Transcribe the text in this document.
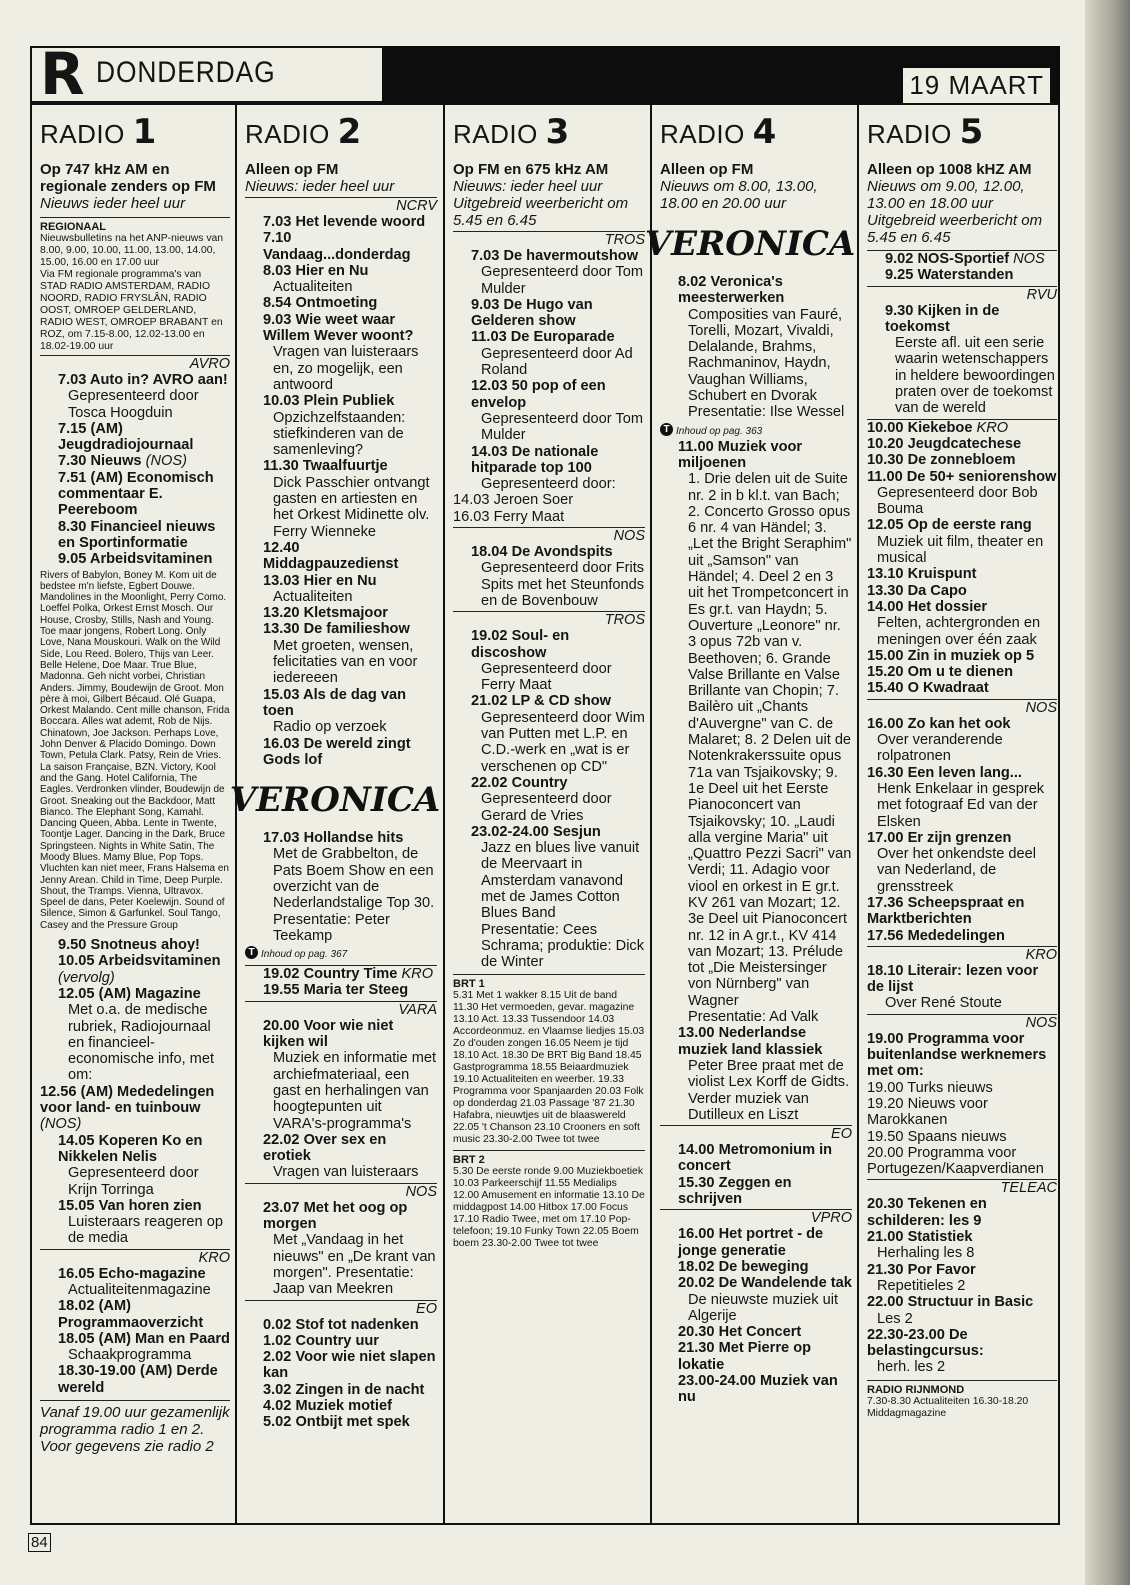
R DONDERDAG	19 MAART
RADIO 1
Op 747 kHz AM en regionale zenders op FM
Nieuws ieder heel uur
REGIONAAL
Nieuwsbulletins na het ANP-nieuws van 8.00, 9.00, 10.00, 11.00, 13.00, 14.00, 15.00, 16.00 en 17.00 uur
Via FM regionale programma's van STAD RADIO AMSTERDAM, RADIO NOORD, RADIO FRYSLÂN, RADIO OOST, OMROEP GELDERLAND, RADIO WEST, OMROEP BRABANT en ROZ, om 7.15-8.00, 12.02-13.00 en 18.02-19.00 uur
AVRO
7.03 Auto in? AVRO aan!
Gepresenteerd door Tosca Hoogduin
7.15 (AM) Jeugdradiojournaal
7.30 Nieuws (NOS)
7.51 (AM) Economisch commentaar E. Peereboom
8.30 Financieel nieuws en Sportinformatie
9.05 Arbeidsvitaminen
Rivers of Babylon, Boney M. Kom uit de bedstee m'n liefste, Egbert Douwe. Mandolines in the Moonlight, Perry Como. Loeffel Polka, Orkest Ernst Mosch. Our House, Crosby, Stills, Nash and Young. Toe maar jongens, Robert Long. Only Love, Nana Mouskouri. Walk on the Wild Side, Lou Reed. Bolero, Thijs van Leer. Belle Helene, Doe Maar. True Blue, Madonna. Geh nicht vorbei, Christian Anders. Jimmy, Boudewijn de Groot. Mon père à moi, Gilbert Bécaud. Olé Guapa, Orkest Malando. Cent mille chanson, Frida Boccara. Alles wat ademt, Rob de Nijs. Chinatown, Joe Jackson. Perhaps Love, John Denver & Placido Domingo. Down Town, Petula Clark. Patsy, Rein de Vries. La saison Française, BZN. Victory, Kool and the Gang. Hotel California, The Eagles. Verdronken vlinder, Boudewijn de Groot. Sneaking out the Backdoor, Matt Bianco. The Elephant Song, Kamahl. Dancing Queen, Abba. Lente in Twente, Toontje Lager. Dancing in the Dark, Bruce Springsteen. Nights in White Satin, The Moody Blues. Mamy Blue, Pop Tops. Vluchten kan niet meer, Frans Halsema en Jenny Arean. Child in Time, Deep Purple. Shout, the Tramps. Vienna, Ultravox. Speel de dans, Peter Koelewijn. Sound of Silence, Simon & Garfunkel. Soul Tango, Casey and the Pressure Group
9.50 Snotneus ahoy!
10.05 Arbeidsvitaminen
(vervolg)
12.05 (AM) Magazine
Met o.a. de medische rubriek, Radiojournaal en financieel-economische info, met om:
12.56 (AM) Mededelingen voor land- en tuinbouw (NOS)
14.05 Koperen Ko en Nikkelen Nelis
Gepresenteerd door Krijn Torringa
15.05 Van horen zien
Luisteraars reageren op de media
KRO
16.05 Echo-magazine
Actualiteitenmagazine
18.02 (AM) Programmaoverzicht
18.05 (AM) Man en Paard
Schaakprogramma
18.30-19.00 (AM) Derde wereld
Vanaf 19.00 uur gezamenlijk programma radio 1 en 2. Voor gegevens zie radio 2
RADIO 2
Alleen op FM
Nieuws: ieder heel uur
NCRV
7.03 Het levende woord
7.10 Vandaag...donderdag
8.03 Hier en Nu
Actualiteiten
8.54 Ontmoeting
9.03 Wie weet waar Willem Wever woont?
Vragen van luisteraars en, zo mogelijk, een antwoord
10.03 Plein Publiek
Opzichzelfstaanden: stiefkinderen van de samenleving?
11.30 Twaalfuurtje
Dick Passchier ontvangt gasten en artiesten en het Orkest Midinette olv. Ferry Wienneke
12.40 Middagpauzedienst
13.03 Hier en Nu
Actualiteiten
13.20 Kletsmajoor
13.30 De familieshow
Met groeten, wensen, felicitaties van en voor iedereeen
15.03 Als de dag van toen
Radio op verzoek
16.03 De wereld zingt Gods lof
VERONICA
17.03 Hollandse hits
Met de Grabbelton, de Pats Boem Show en een overzicht van de Nederlandstalige Top 30. Presentatie: Peter Teekamp
T Inhoud op pag. 367
19.02 Country Time KRO
19.55 Maria ter Steeg
VARA
20.00 Voor wie niet kijken wil
Muziek en informatie met archiefmateriaal, een gast en herhalingen van hoogtepunten uit VARA's-programma's
22.02 Over sex en erotiek
Vragen van luisteraars
NOS
23.07 Met het oog op morgen
Met „Vandaag in het nieuws" en „De krant van morgen". Presentatie: Jaap van Meekren
EO
0.02 Stof tot nadenken
1.02 Country uur
2.02 Voor wie niet slapen kan
3.02 Zingen in de nacht
4.02 Muziek motief
5.02 Ontbijt met spek
RADIO 3
Op FM en 675 kHz AM
Nieuws: ieder heel uur Uitgebreid weerbericht om 5.45 en 6.45
TROS
7.03 De havermoutshow
Gepresenteerd door Tom Mulder
9.03 De Hugo van Gelderen show
11.03 De Europarade
Gepresenteerd door Ad Roland
12.03 50 pop of een envelop
Gepresenteerd door Tom Mulder
14.03 De nationale hitparade top 100
Gepresenteerd door:
14.03 Jeroen Soer
16.03 Ferry Maat
NOS
18.04 De Avondspits
Gepresenteerd door Frits Spits met het Steunfonds en de Bovenbouw
TROS
19.02 Soul- en discoshow
Gepresenteerd door Ferry Maat
21.02 LP & CD show
Gepresenteerd door Wim van Putten met L.P. en C.D.-werk en „wat is er verschenen op CD"
22.02 Country
Gepresenteerd door Gerard de Vries
23.02-24.00 Sesjun
Jazz en blues live vanuit de Meervaart in Amsterdam vanavond met de James Cotton Blues Band
Presentatie: Cees Schrama; produktie: Dick de Winter
BRT 1
5.31 Met 1 wakker 8.15 Uit de band 11.30 Het vermoeden, gevar. magazine 13.10 Act. 13.33 Tussendoor 14.03 Accordeonmuz. en Vlaamse liedjes 15.03 Zo d'ouden zongen 16.05 Neem je tijd 18.10 Act. 18.30 De BRT Big Band 18.45 Gastprogramma 18.55 Beiaardmuziek 19.10 Actualiteiten en weerber. 19.33 Programma voor Spanjaarden 20.03 Folk op donderdag 21.03 Passage '87 21.30 Hafabra, nieuwtjes uit de blaaswereld 22.05 't Chanson 23.10 Crooners en soft music 23.30-2.00 Twee tot twee
BRT 2
5.30 De eerste ronde 9.00 Muziekboetiek 10.03 Parkeerschijf 11.55 Medialips 12.00 Amusement en informatie 13.10 De middagpost 14.00 Hitbox 17.00 Focus 17.10 Radio Twee, met om 17.10 Pop-telefoon; 19.10 Funky Town 22.05 Boem boem 23.30-2.00 Twee tot twee
RADIO 4
Alleen op FM
Nieuws om 8.00, 13.00, 18.00 en 20.00 uur
VERONICA
8.02 Veronica's meesterwerken
Composities van Fauré, Torelli, Mozart, Vivaldi, Delalande, Brahms, Rachmaninov, Haydn, Vaughan Williams, Schubert en Dvorak
Presentatie: Ilse Wessel
T Inhoud op pag. 363
11.00 Muziek voor miljoenen
1. Drie delen uit de Suite nr. 2 in b kl.t. van Bach; 2. Concerto Grosso opus 6 nr. 4 van Händel; 3. „Let the Bright Seraphim" uit „Samson" van Händel; 4. Deel 2 en 3 uit het Trompetconcert in Es gr.t. van Haydn; 5. Ouverture „Leonore" nr. 3 opus 72b van v. Beethoven; 6. Grande Valse Brillante en Valse Brillante van Chopin; 7. Bailèro uit „Chants d'Auvergne" van C. de Malaret; 8. 2 Delen uit de Notenkrakerssuite opus 71a van Tsjaikovsky; 9. 1e Deel uit het Eerste Pianoconcert van Tsjaikovsky; 10. „Laudi alla vergine Maria" uit „Quattro Pezzi Sacri" van Verdi; 11. Adagio voor viool en orkest in E gr.t. KV 261 van Mozart; 12. 3e Deel uit Pianoconcert nr. 12 in A gr.t., KV 414 van Mozart; 13. Prélude tot „Die Meistersinger von Nürnberg" van Wagner
Presentatie: Ad Valk
13.00 Nederlandse muziek land klassiek
Peter Bree praat met de violist Lex Korff de Gidts. Verder muziek van Dutilleux en Liszt
EO
14.00 Metromonium in concert
15.30 Zeggen en schrijven
VPRO
16.00 Het portret - de jonge generatie
18.02 De beweging
20.02 De Wandelende tak
De nieuwste muziek uit Algerije
20.30 Het Concert
21.30 Met Pierre op lokatie
23.00-24.00 Muziek van nu
RADIO 5
Alleen op 1008 kHZ AM
Nieuws om 9.00, 12.00, 13.00 en 18.00 uur Uitgebreid weerbericht om 5.45 en 6.45
9.02 NOS-Sportief NOS
9.25 Waterstanden
RVU
9.30 Kijken in de toekomst
Eerste afl. uit een serie waarin wetenschappers in heldere bewoordingen praten over de toekomst van de wereld
10.00 Kiekeboe KRO
10.20 Jeugdcatechese
10.30 De zonnebloem
11.00 De 50+ seniorenshow
Gepresenteerd door Bob Bouma
12.05 Op de eerste rang
Muziek uit film, theater en musical
13.10 Kruispunt
13.30 Da Capo
14.00 Het dossier
Felten, achtergronden en meningen over één zaak
15.00 Zin in muziek op 5
15.20 Om u te dienen
15.40 O Kwadraat
NOS
16.00 Zo kan het ook
Over veranderende rolpatronen
16.30 Een leven lang...
Henk Enkelaar in gesprek met fotograaf Ed van der Elsken
17.00 Er zijn grenzen
Over het onkendste deel van Nederland, de grensstreek
17.36 Scheepspraat en Marktberichten
17.56 Mededelingen
KRO
18.10 Literair: lezen voor de lijst
Over René Stoute
NOS
19.00 Programma voor buitenlandse werknemers met om:
19.00 Turks nieuws
19.20 Nieuws voor Marokkanen
19.50 Spaans nieuws
20.00 Programma voor Portugezen/Kaapverdianen
TELEAC
20.30 Tekenen en schilderen: les 9
21.00 Statistiek
Herhaling les 8
21.30 Por Favor
Repetitieles 2
22.00 Structuur in Basic
Les 2
22.30-23.00 De belastingcursus:
herh. les 2
RADIO RIJNMOND
7.30-8.30 Actualiteiten 16.30-18.20 Middagmagazine
84
